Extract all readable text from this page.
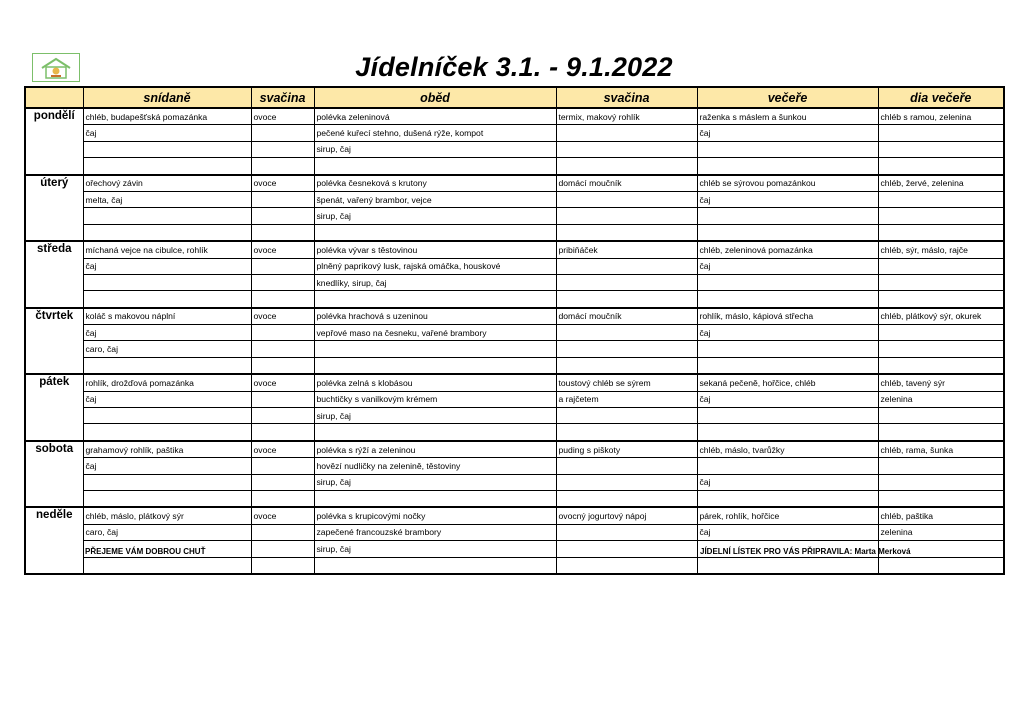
Jídelníček 3.1. - 9.1.2022
	snídaně	svačina	oběd	svačina	večeře	dia večeře
pondělí	chléb, budapešťská pomazánka	ovoce	polévka zeleninová	termix, makový rohlík	raženka s máslem a šunkou	chléb s ramou, zelenina
	čaj		pečené kuřecí stehno, dušená rýže, kompot		čaj	
			sirup, čaj			

úterý	ořechový závin	ovoce	polévka česneková s krutony	domácí moučník	chléb se sýrovou pomazánkou	chléb, žervé, zelenina
	melta, čaj		špenát, vařený brambor, vejce		čaj	
			sirup, čaj			

středa	míchaná vejce na cibulce, rohlík	ovoce	polévka vývar s těstovinou	pribiňáček	chléb, zeleninová pomazánka	chléb, sýr, máslo, rajče
	čaj		plněný paprikový lusk, rajská omáčka, houskové		čaj	
			knedlíky, sirup, čaj			

čtvrtek	koláč s makovou náplní	ovoce	polévka hrachová s uzeninou	domácí moučník	rohlík, máslo, kápiová střecha	chléb, plátkový sýr, okurek
	čaj		vepřové maso na česneku, vařené brambory		čaj	
	caro, čaj					

pátek	rohlík, drožďová pomazánka	ovoce	polévka zelná s klobásou	toustový chléb se sýrem	sekaná pečeně, hořčice, chléb	chléb, tavený sýr
	čaj		buchtičky s vanilkovým krémem	a rajčetem	čaj	zelenina
			sirup, čaj			

sobota	grahamový rohlík, paštika	ovoce	polévka s rýží a zeleninou	puding s piškoty	chléb, máslo, tvarůžky	chléb, rama, šunka
	čaj		hovězí nudličky na zelenině, těstoviny			
			sirup, čaj		čaj	

neděle	chléb, máslo, plátkový sýr	ovoce	polévka s krupicovými nočky	ovocný jogurtový nápoj	párek, rohlík, hořčice	chléb, paštika
	caro, čaj		zapečené francouzské brambory		čaj	zelenina
			sirup, čaj			

PŘEJEME VÁM DOBROU CHUŤ	JÍDELNÍ LÍSTEK PRO VÁS PŘIPRAVILA: Marta Merková
